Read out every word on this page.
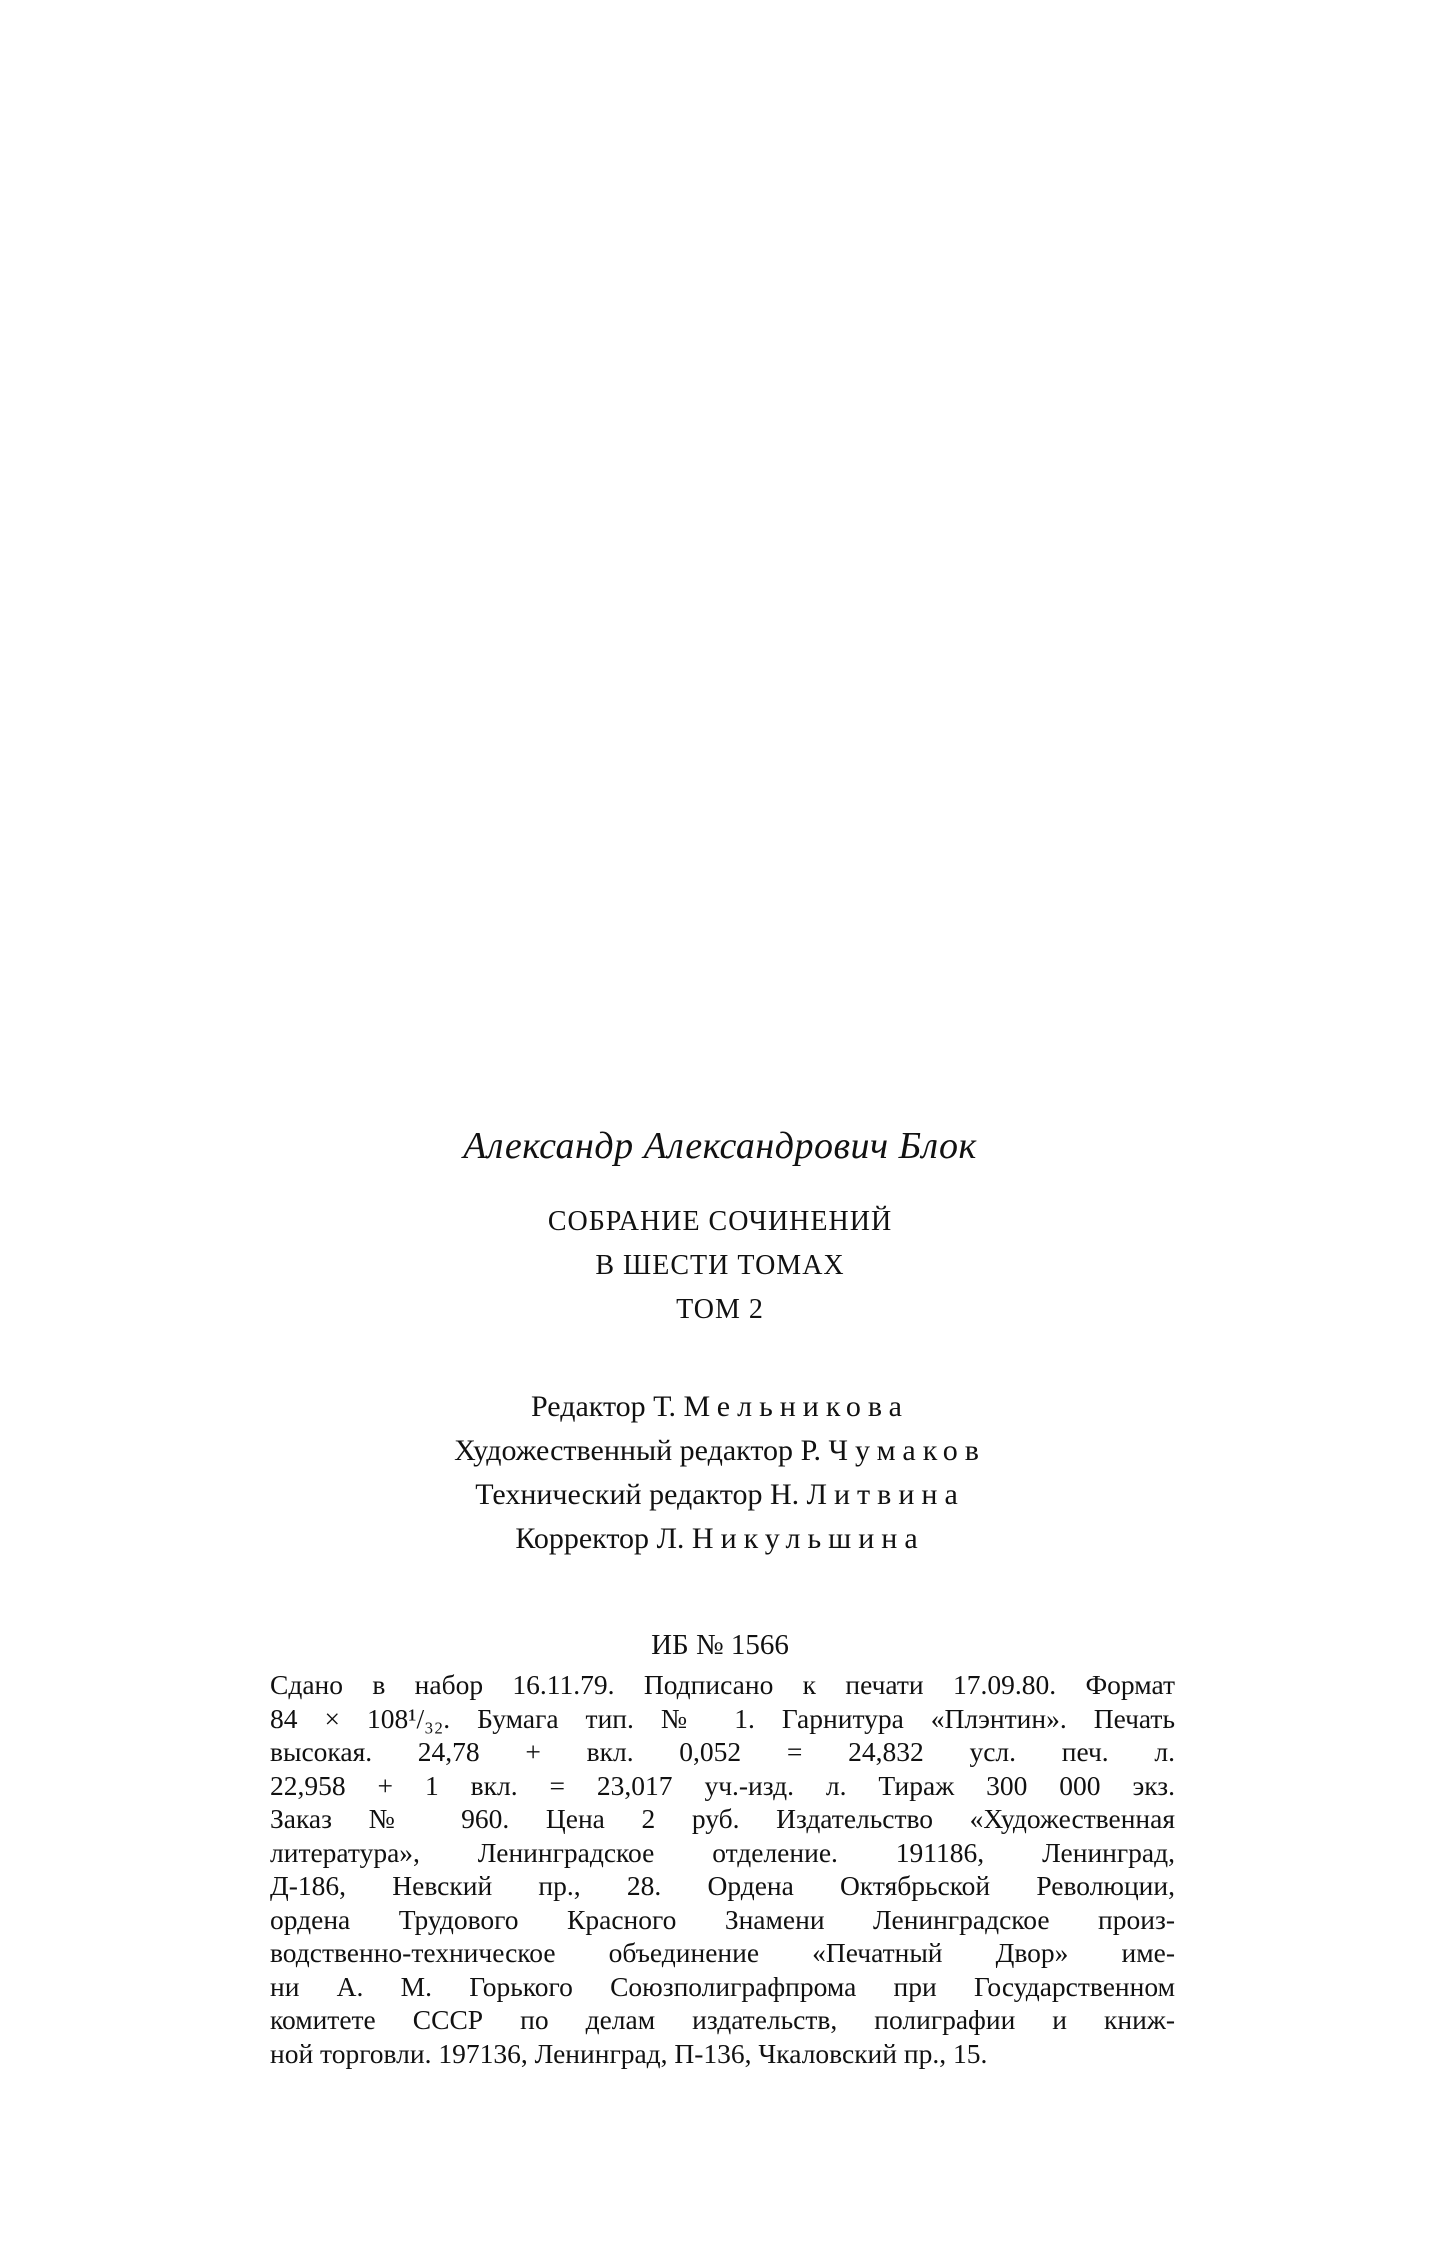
Александр Александрович Блок
СОБРАНИЕ СОЧИНЕНИЙ
В ШЕСТИ ТОМАХ
ТОМ 2
Редактор Т. Мельникова
Художественный редактор Р. Чумаков
Технический редактор Н. Литвина
Корректор Л. Никульшина
ИБ № 1566
Сдано в набор 16.11.79. Подписано к печати 17.09.80. Формат
84 × 108¹/₃₂. Бумага тип. № 1. Гарнитура «Плэнтин». Печать
высокая. 24,78 + вкл. 0,052 = 24,832 усл. печ. л.
22,958 + 1 вкл. = 23,017 уч.-изд. л. Тираж 300 000 экз.
Заказ № 960. Цена 2 руб. Издательство «Художественная
литература», Ленинградское отделение. 191186, Ленинград,
Д-186, Невский пр., 28. Ордена Октябрьской Революции,
ордена Трудового Красного Знамени Ленинградское произ-
водственно-техническое объединение «Печатный Двор» име-
ни А. М. Горького Союзполиграфпрома при Государственном
комитете СССР по делам издательств, полиграфии и книж-
ной торговли. 197136, Ленинград, П-136, Чкаловский пр., 15.
